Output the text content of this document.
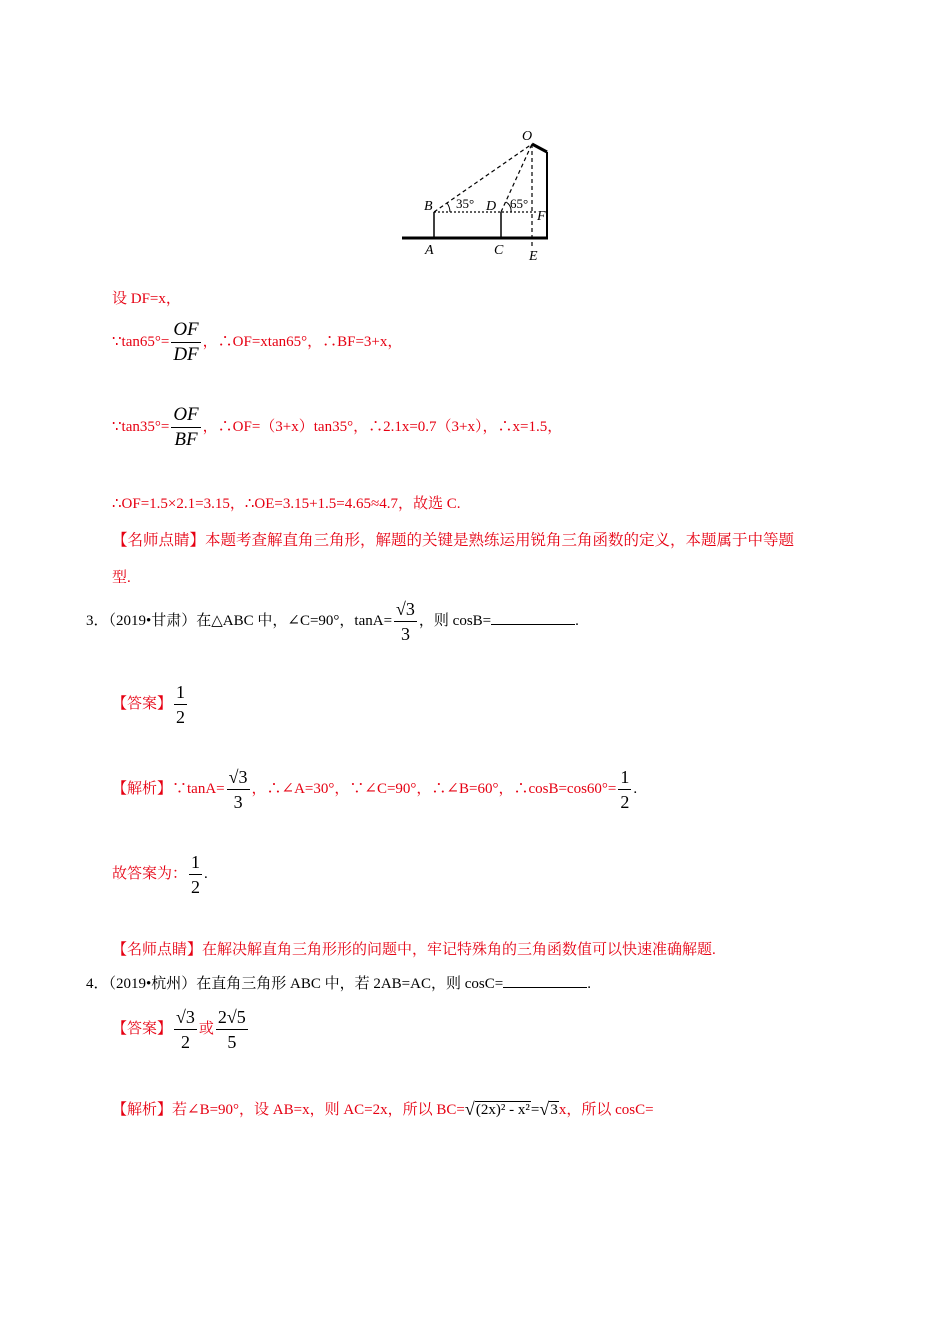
O
B	D
F
A	C E
35°	65°
设 DF=x，
∵tan65°= $\frac{OF}{DF}$ ，∴OF=xtan65°，∴BF=3+x，
∵tan35°= $\frac{OF}{BF}$ ，∴OF=（3+x）tan35°，∴2.1x=0.7（3+x），∴x=1.5，
∴OF=1.5×2.1=3.15，∴OE=3.15+1.5=4.65≈4.7，故选 C.
【名师点睛】本题考查解直角三角形，解题的关键是熟练运用锐角三角函数的定义，本题属于中等题
型.
3．（2019•甘肃）在△ABC 中，∠C=90°，$\tan A= \frac{√3}{3}$ ，则 cosB=	.
【答案】 $\frac{1}{2}$
【解析】∵tanA= $\frac{√3}{3}$ ，∴∠A=30°，∵∠C=90°，∴∠B=60°，∴cosB=cos60°= $\frac{1}{2}$ .
故答案为： $\frac{1}{2}$ .
【名师点睛】在解决解直角三角形形的问题中，牢记特殊角的三角函数值可以快速准确解题.
4．（2019•杭州）在直角三角形 ABC 中，若 2AB=AC，则 cosC=	.
【答案】 $\frac{√3}{2}$ 或 $\frac{2√5}{5}$
【解析】若∠B=90°，设 AB=x，则 AC=2x，所以 BC= √ (2x)² - x²= √ 3x，所以 cosC=
